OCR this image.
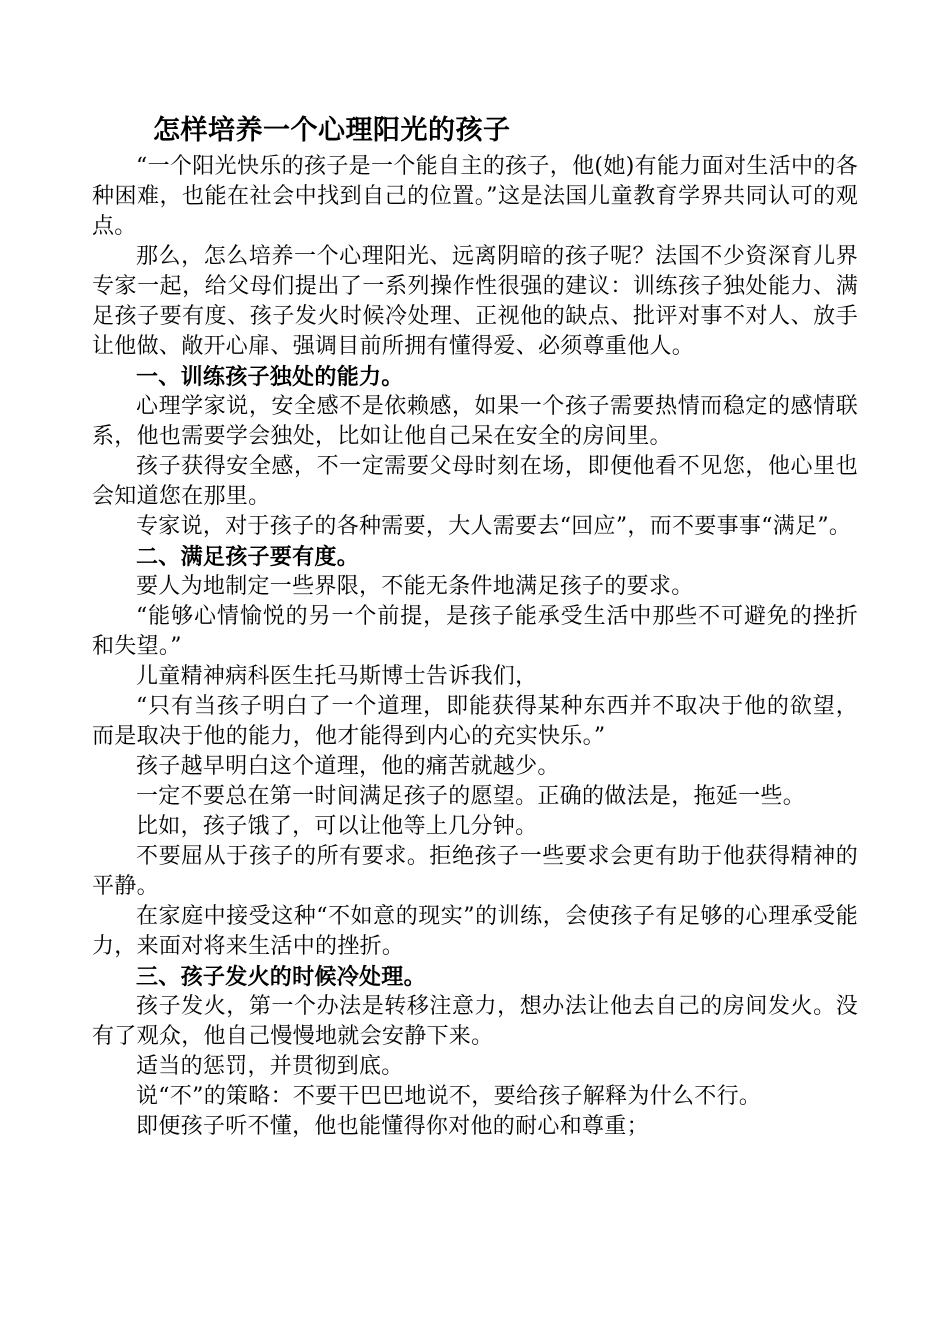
怎样培养一个心理阳光的孩子

“一个阳光快乐的孩子是一个能自主的孩子，他(她)有能力面对生活中的各种困难，也能在社会中找到自己的位置。”这是法国儿童教育学界共同认可的观点。

那么，怎么培养一个心理阳光、远离阴暗的孩子呢？法国不少资深育儿界专家一起，给父母们提出了一系列操作性很强的建议：训练孩子独处能力、满足孩子要有度、孩子发火时候冷处理、正视他的缺点、批评对事不对人、放手让他做、敞开心扉、强调目前所拥有懂得爱、必须尊重他人。

一、训练孩子独处的能力。

心理学家说，安全感不是依赖感，如果一个孩子需要热情而稳定的感情联系，他也需要学会独处，比如让他自己呆在安全的房间里。

孩子获得安全感，不一定需要父母时刻在场，即便他看不见您，他心里也会知道您在那里。

专家说，对于孩子的各种需要，大人需要去“回应”，而不要事事“满足”。

二、满足孩子要有度。

要人为地制定一些界限，不能无条件地满足孩子的要求。

“能够心情愉悦的另一个前提，是孩子能承受生活中那些不可避免的挫折和失望。”

儿童精神病科医生托马斯博士告诉我们，

“只有当孩子明白了一个道理，即能获得某种东西并不取决于他的欲望，而是取决于他的能力，他才能得到内心的充实快乐。”

孩子越早明白这个道理，他的痛苦就越少。

一定不要总在第一时间满足孩子的愿望。正确的做法是，拖延一些。

比如，孩子饿了，可以让他等上几分钟。

不要屈从于孩子的所有要求。拒绝孩子一些要求会更有助于他获得精神的平静。

在家庭中接受这种“不如意的现实”的训练，会使孩子有足够的心理承受能力，来面对将来生活中的挫折。

三、孩子发火的时候冷处理。

孩子发火，第一个办法是转移注意力，想办法让他去自己的房间发火。没有了观众，他自己慢慢地就会安静下来。

适当的惩罚，并贯彻到底。

说“不”的策略：不要干巴巴地说不，要给孩子解释为什么不行。

即便孩子听不懂，他也能懂得你对他的耐心和尊重；
